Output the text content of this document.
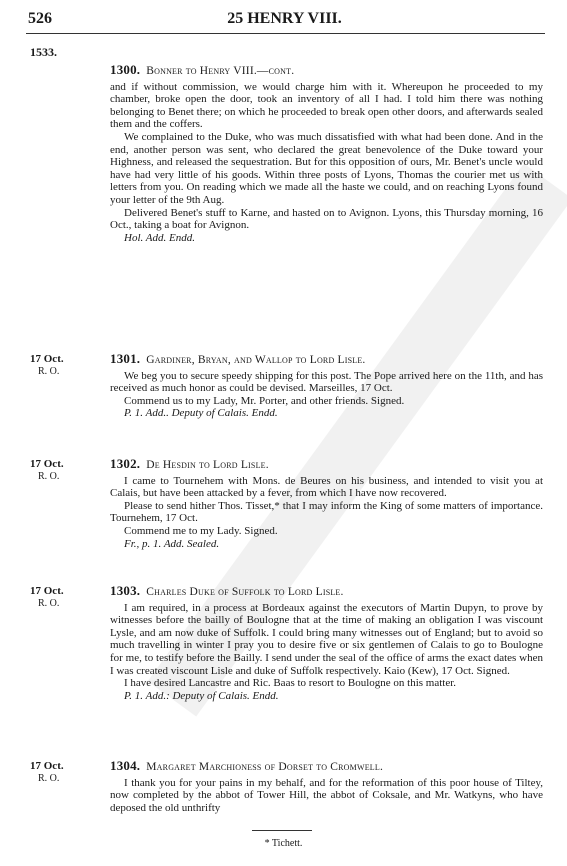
526	25 HENRY VIII.
1533.
1300. Bonner to Henry VIII.—cont.

and if without commission, we would charge him with it. Whereupon he proceeded to my chamber, broke open the door, took an inventory of all I had. I told him there was nothing belonging to Benet there; on which he proceeded to break open other doors, and afterwards sealed them and the coffers.

We complained to the Duke, who was much dissatisfied with what had been done. And in the end, another person was sent, who declared the great benevolence of the Duke toward your Highness, and released the sequestration. But for this opposition of ours, Mr. Benet's uncle would have had very little of his goods. Within three posts of Lyons, Thomas the courier met us with letters from you. On reading which we made all the haste we could, and on reaching Lyons found your letter of the 9th Aug.

Delivered Benet's stuff to Karne, and hasted on to Avignon. Lyons, this Thursday morning, 16 Oct., taking a boat for Avignon.

Hol. Add. Endd.
17 Oct.
R. O.
1301. Gardiner, Bryan, and Wallop to Lord Lisle.

We beg you to secure speedy shipping for this post. The Pope arrived here on the 11th, and has received as much honor as could be devised. Marseilles, 17 Oct.

Commend us to my Lady, Mr. Porter, and other friends. Signed.

P. 1. Add.. Deputy of Calais. Endd.
17 Oct.
R. O.
1302. De Hesdin to Lord Lisle.

I came to Tournehem with Mons. de Beures on his business, and intended to visit you at Calais, but have been attacked by a fever, from which I have now recovered.

Please to send hither Thos. Tisset,* that I may inform the King of some matters of importance. Tournehem, 17 Oct.

Commend me to my Lady. Signed.

Fr., p. 1. Add. Sealed.
17 Oct.
R. O.
1303. Charles Duke of Suffolk to Lord Lisle.

I am required, in a process at Bordeaux against the executors of Martin Dupyn, to prove by witnesses before the bailly of Boulogne that at the time of making an obligation I was viscount Lysle, and am now duke of Suffolk. I could bring many witnesses out of England; but to avoid so much travelling in winter I pray you to desire five or six gentlemen of Calais to go to Boulogne for me, to testify before the Bailly. I send under the seal of the office of arms the exact dates when I was created viscount Lisle and duke of Suffolk respectively. Kaio (Kew), 17 Oct. Signed.

I have desired Lancastre and Ric. Baas to resort to Boulogne on this matter.

P. 1. Add.: Deputy of Calais. Endd.
17 Oct.
R. O.
1304. Margaret Marchioness of Dorset to Cromwell.

I thank you for your pains in my behalf, and for the reformation of this poor house of Tiltey, now completed by the abbot of Tower Hill, the abbot of Coksale, and Mr. Watkyns, who have deposed the old unthrifty

* Tichett.
